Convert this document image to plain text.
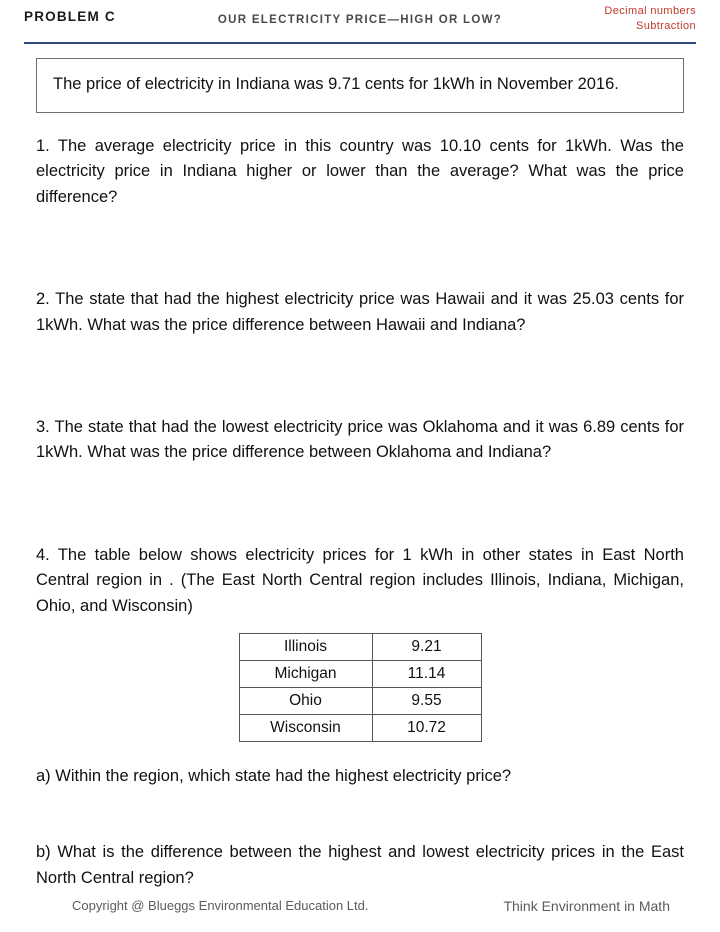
PROBLEM C	OUR ELECTRICITY PRICE—HIGH OR LOW?
Decimal numbers
Subtraction
The price of electricity in Indiana was 9.71 cents for 1kWh in November 2016.
1. The average electricity price in this country was 10.10 cents for 1kWh. Was the electricity price in Indiana higher or lower than the average? What was the price difference?
2. The state that had the highest electricity price was Hawaii and it was 25.03 cents for 1kWh. What was the price difference between Hawaii and Indiana?
3. The state that had the lowest electricity price was Oklahoma and it was 6.89 cents for 1kWh. What was the price difference between Oklahoma and Indiana?
4. The table below shows electricity prices for 1 kWh in other states in East North Central region in . (The East North Central region includes Illinois, Indiana, Michigan, Ohio, and Wisconsin)
Illinois	9.21
Michigan	11.14
Ohio	9.55
Wisconsin	10.72
a) Within the region, which state had the highest electricity price?
b) What is the difference between the highest and lowest electricity prices in the East North Central region?
Copyright @ Blueggs Environmental Education Ltd.	Think Environment in Math
